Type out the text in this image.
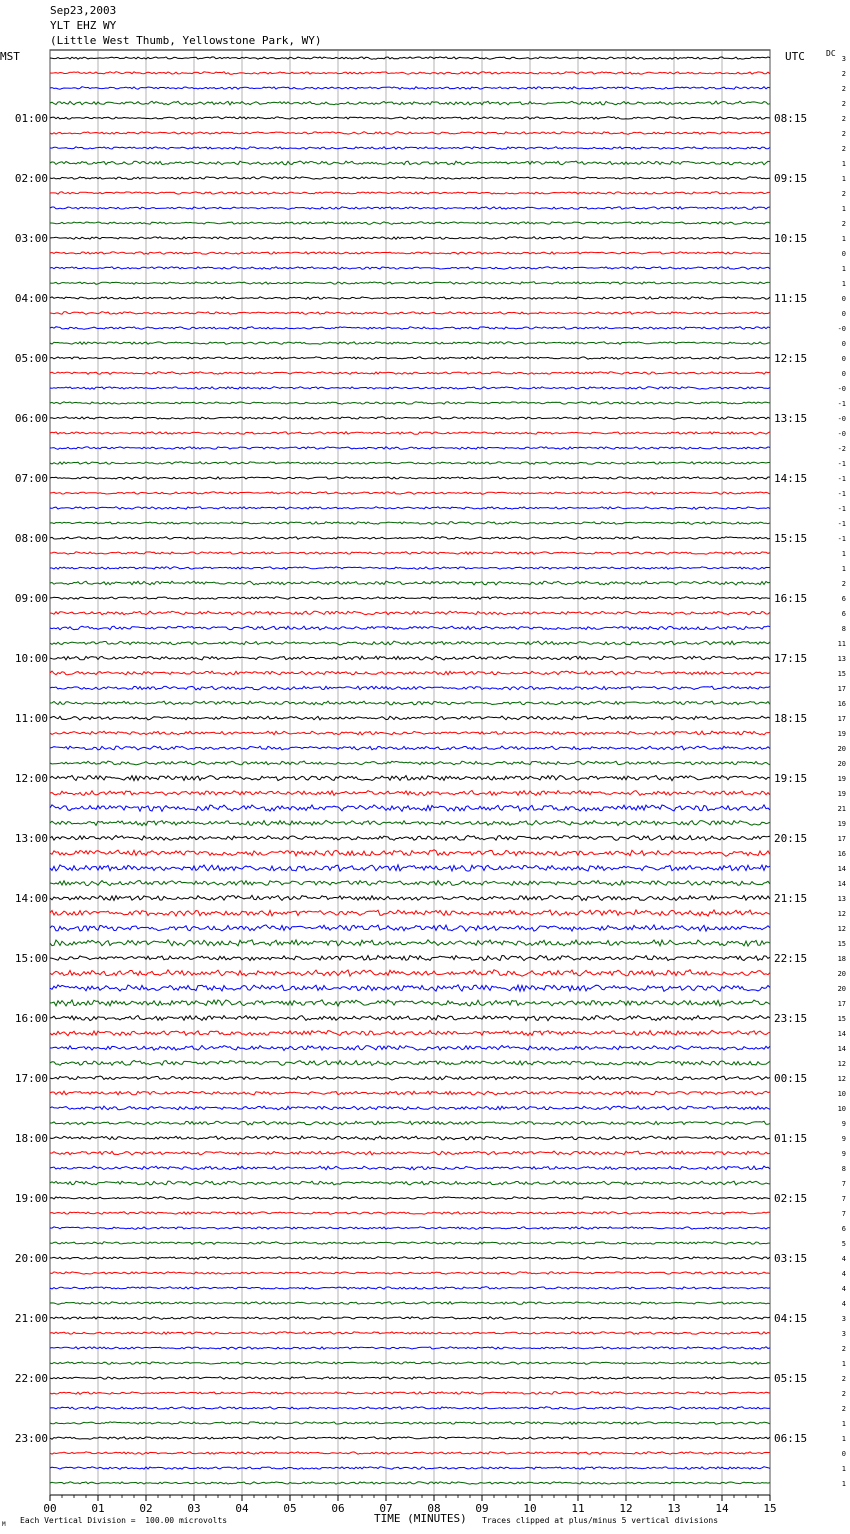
Sep23,2003
YLT EHZ WY
(Little West Thumb, Yellowstone Park, WY)
MST	UTC	DC
00	01	02	03	04	05	06	07	08	09	10	11	12	13	14	15
3
2
2
2
2
2
2
1
1
2
1
2
1
0
1
1
0
0
-0
0
0
0
-0
-1
-0
-0
-2
-1
-1
-1
-1
-1
-1
1
1
2
6
6
8
11
13
15
17
16
17
19
20
20
19
19
21
19
17
16
14
14
13
12
12
15
18
20
20
17
15
14
14
12
12
10
10
9
9
9
8
7
7
7
6
5
4
4
4
4
3
3
2
1
2
2
2
1
1
0
1
1
01:00
02:00
03:00
04:00
05:00
06:00
07:00
08:00
09:00
10:00
11:00
12:00
13:00
14:00
15:00
16:00
17:00
18:00
19:00
20:00
21:00
22:00
23:00
08:15
09:15
10:15
11:15
12:15
13:15
14:15
15:15
16:15
17:15
18:15
19:15
20:15
21:15
22:15
23:15
00:15
01:15
02:15
03:15
04:15
05:15
06:15
TIME (MINUTES)
Each Vertical Division =  100.00 microvolts	Traces clipped at plus/minus 5 vertical divisions
M
